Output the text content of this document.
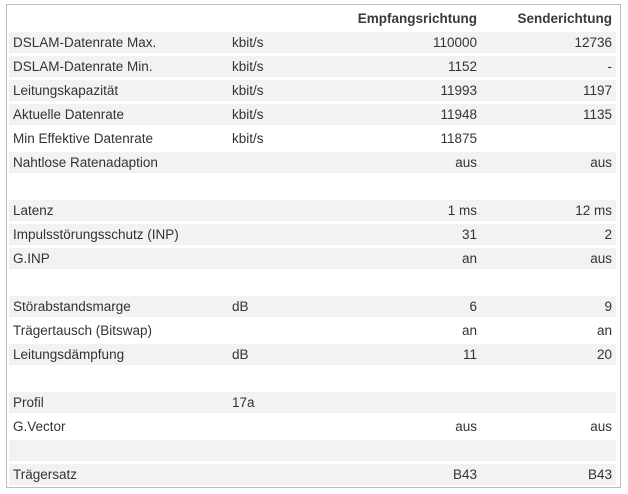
		Empfangsrichtung	Senderichtung
DSLAM-Datenrate Max.	kbit/s	110000	12736
DSLAM-Datenrate Min.	kbit/s	1152	-
Leitungskapazität	kbit/s	11993	1197
Aktuelle Datenrate	kbit/s	11948	1135
Min Effektive Datenrate	kbit/s	11875	
Nahtlose Ratenadaption		aus	aus

Latenz		1 ms	12 ms
Impulsstörungsschutz (INP)		31	2
G.INP		an	aus

Störabstandsmarge	dB	6	9
Trägertausch (Bitswap)		an	an
Leitungsdämpfung	dB	11	20

Profil	17a		
G.Vector		aus	aus

Trägersatz		B43	B43
